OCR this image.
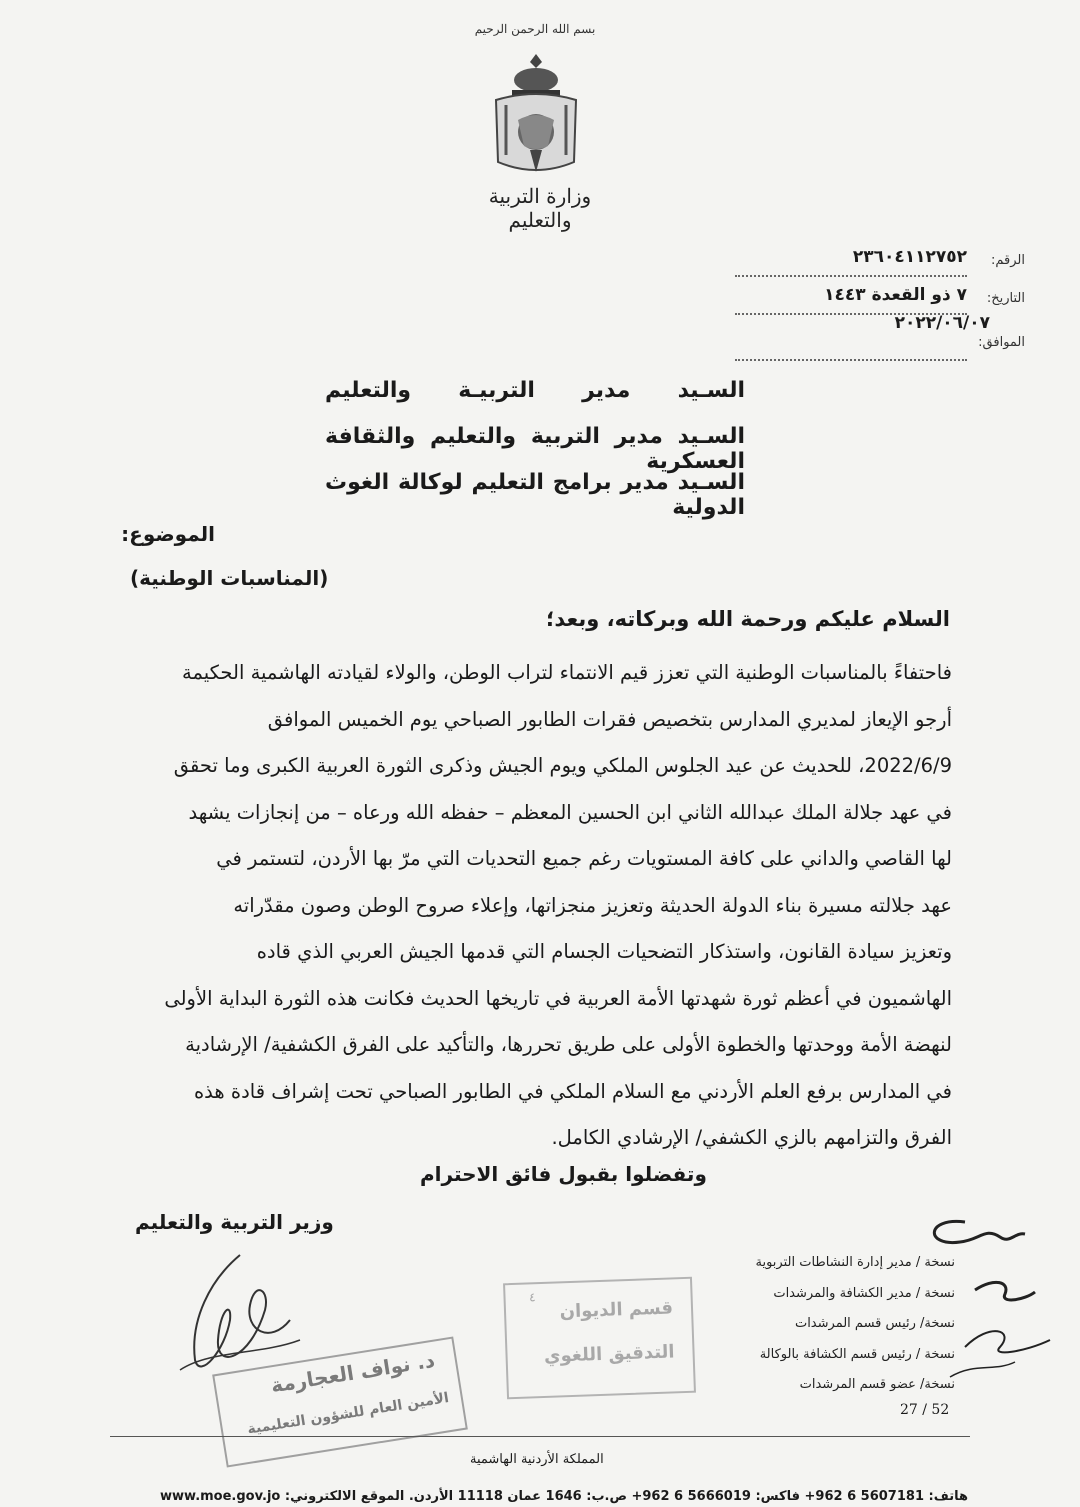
بسم الله الرحمن الرحيم
وزارة التربية والتعليم
الرقم:
٢٣٦٠٤١١٢٧٥٢
التاريخ:
٧ ذو القعدة ١٤٤٣
الموافق:
٢٠٢٢/٠٦/٠٧
السـيد مدير التربيـة والتعليم
السـيد مدير التربية والتعليم والثقافة العسكرية
السـيد مدير برامج التعليم لوكالة الغوث الدولية
الموضوع:
(المناسبات الوطنية)
السلام عليكم ورحمة الله وبركاته، وبعد؛
فاحتفاءً بالمناسبات الوطنية التي تعزز قيم الانتماء لتراب الوطن، والولاء لقيادته الهاشمية الحكيمة
أرجو الإيعاز لمديري المدارس بتخصيص فقرات الطابور الصباحي يوم الخميس الموافق
2022/6/9، للحديث عن عيد الجلوس الملكي ويوم الجيش وذكرى الثورة العربية الكبرى وما تحقق
في عهد جلالة الملك عبدالله الثاني ابن الحسين المعظم – حفظه الله ورعاه – من إنجازات يشهد
لها القاصي والداني على كافة المستويات رغم جميع التحديات التي مرّ بها الأردن، لتستمر في
عهد جلالته مسيرة بناء الدولة الحديثة وتعزيز منجزاتها، وإعلاء صروح الوطن وصون مقدّراته
وتعزيز سيادة القانون، واستذكار التضحيات الجسام التي قدمها الجيش العربي الذي قاده
الهاشميون في أعظم ثورة شهدتها الأمة العربية في تاريخها الحديث فكانت هذه الثورة البداية الأولى
لنهضة الأمة ووحدتها والخطوة الأولى على طريق تحررها، والتأكيد على الفرق الكشفية/ الإرشادية
في المدارس برفع العلم الأردني مع السلام الملكي في الطابور الصباحي تحت إشراف قادة هذه
الفرق والتزامهم بالزي الكشفي/ الإرشادي الكامل.
وتفضلوا بقبول فائق الاحترام
وزير التربية والتعليم
نسخة / مدير إدارة النشاطات التربوية
نسخة / مدير الكشافة والمرشدات
نسخة/ رئيس قسم المرشدات
نسخة / رئيس قسم الكشافة بالوكالة
نسخة/ عضو قسم المرشدات
27 / 52
٤
قسم الديوان
التدقيق اللغوي
د. نواف العجارمة
الأمين العام للشؤون التعليمية
المملكة الأردنية الهاشمية
هاتف: 5607181 6 962+ فاكس: 5666019 6 962+ ص.ب: 1646 عمان 11118 الأردن. الموقع الالكتروني: www.moe.gov.jo
